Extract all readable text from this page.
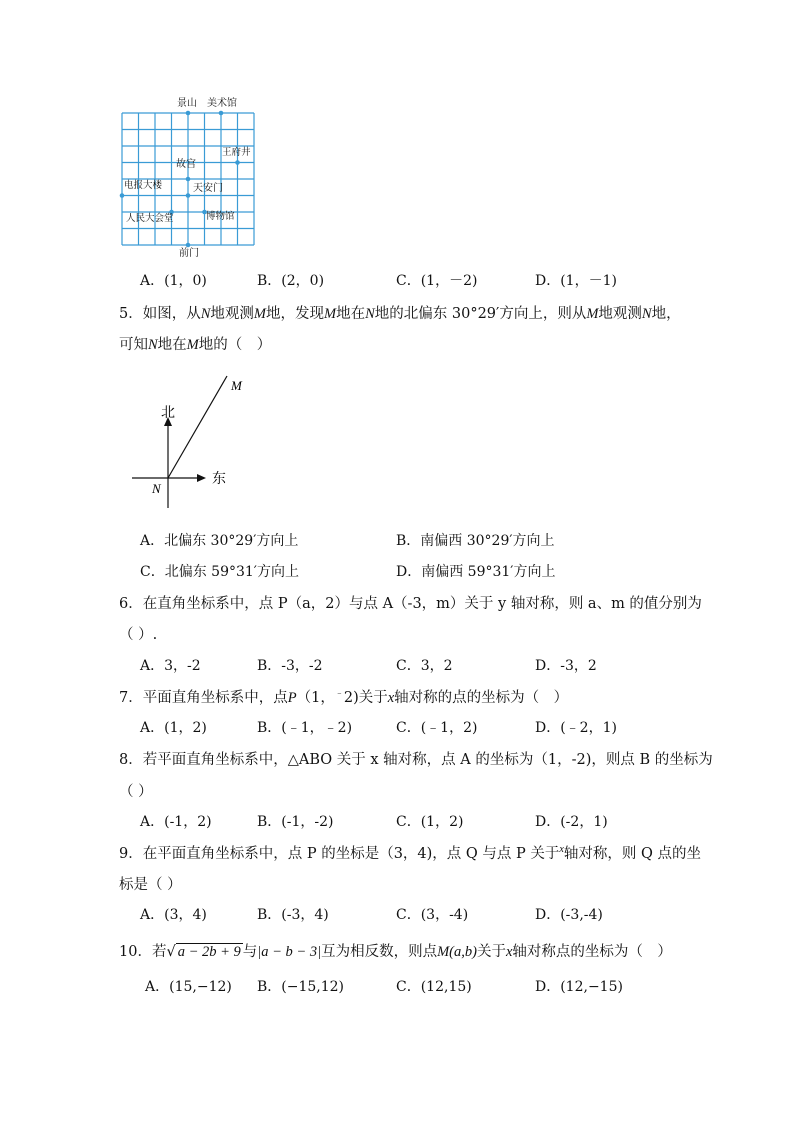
景山 美术馆
王府井
故宫
电报大楼	天安门
人民大会堂	博物馆
前门
A．(1，0)	B．(2，0)	C．(1，－2)	D．(1，－1)
5．如图，从N地观测M地，发现M地在N地的北偏东 30°29′方向上，则从M地观测N地，
可知N地在M地的（　）
北
东
M
N
A．北偏东 30°29′方向上	B．南偏西 30°29′方向上
C．北偏东 59°31′方向上	D．南偏西 59°31′方向上
6．在直角坐标系中，点 P（a，2）与点 A（-3，m）关于 y 轴对称，则 a、m 的值分别为
（ ）.
A．3，-2	B．-3，-2	C．3，2	D．-3，2
7．平面直角坐标系中，点P（1，﹣2)关于x轴对称的点的坐标为（　）
A．(1，2)	B．(﹣1，﹣2)	C．(﹣1，2)	D．(﹣2，1)
8．若平面直角坐标系中，△ABO 关于 x 轴对称，点 A 的坐标为（1，-2)，则点 B 的坐标为
（ ）
A．(-1，2)	B．(-1，-2)	C．(1，2)	D．(-2，1)
9．在平面直角坐标系中，点 P 的坐标是（3，4)，点 Q 与点 P 关于$^x$轴对称，则 Q 点的坐
标是（ ）
A．(3，4)	B．(-3，4)	C．(3，-4)	D．(-3,-4)
10．若√ a − 2b + 9 与|a − b − 3|互为相反数，则点M(a,b)关于x轴对称点的坐标为（　）
A．(15,−12) B．(−15,12)	C．(12,15)	D．(12,−15)
